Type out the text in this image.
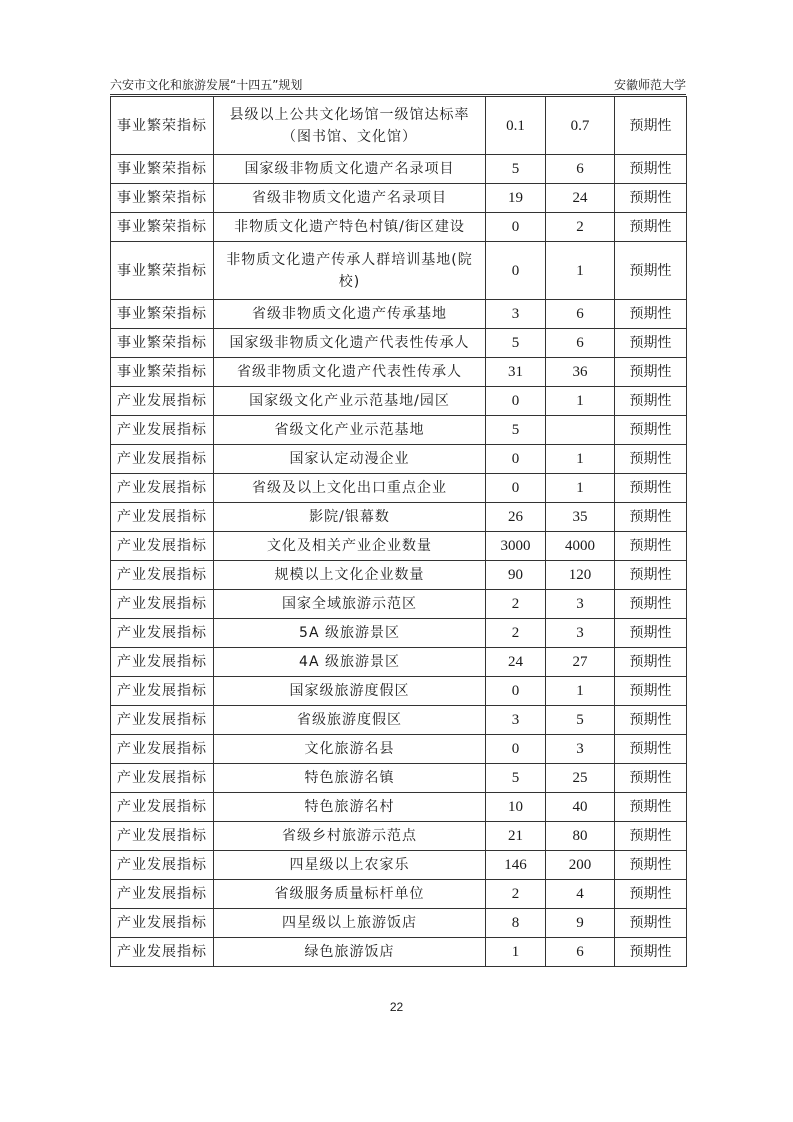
六安市文化和旅游发展“十四五”规划	安徽师范大学
事业繁荣指标	县级以上公共文化场馆一级馆达标率（图书馆、文化馆）	0.1	0.7	预期性
事业繁荣指标	国家级非物质文化遗产名录项目	5	6	预期性
事业繁荣指标	省级非物质文化遗产名录项目	19	24	预期性
事业繁荣指标	非物质文化遗产特色村镇/街区建设	0	2	预期性
事业繁荣指标	非物质文化遗产传承人群培训基地(院校)	0	1	预期性
事业繁荣指标	省级非物质文化遗产传承基地	3	6	预期性
事业繁荣指标	国家级非物质文化遗产代表性传承人	5	6	预期性
事业繁荣指标	省级非物质文化遗产代表性传承人	31	36	预期性
产业发展指标	国家级文化产业示范基地/园区	0	1	预期性
产业发展指标	省级文化产业示范基地	5		预期性
产业发展指标	国家认定动漫企业	0	1	预期性
产业发展指标	省级及以上文化出口重点企业	0	1	预期性
产业发展指标	影院/银幕数	26	35	预期性
产业发展指标	文化及相关产业企业数量	3000	4000	预期性
产业发展指标	规模以上文化企业数量	90	120	预期性
产业发展指标	国家全域旅游示范区	2	3	预期性
产业发展指标	5A 级旅游景区	2	3	预期性
产业发展指标	4A 级旅游景区	24	27	预期性
产业发展指标	国家级旅游度假区	0	1	预期性
产业发展指标	省级旅游度假区	3	5	预期性
产业发展指标	文化旅游名县	0	3	预期性
产业发展指标	特色旅游名镇	5	25	预期性
产业发展指标	特色旅游名村	10	40	预期性
产业发展指标	省级乡村旅游示范点	21	80	预期性
产业发展指标	四星级以上农家乐	146	200	预期性
产业发展指标	省级服务质量标杆单位	2	4	预期性
产业发展指标	四星级以上旅游饭店	8	9	预期性
产业发展指标	绿色旅游饭店	1	6	预期性
22
